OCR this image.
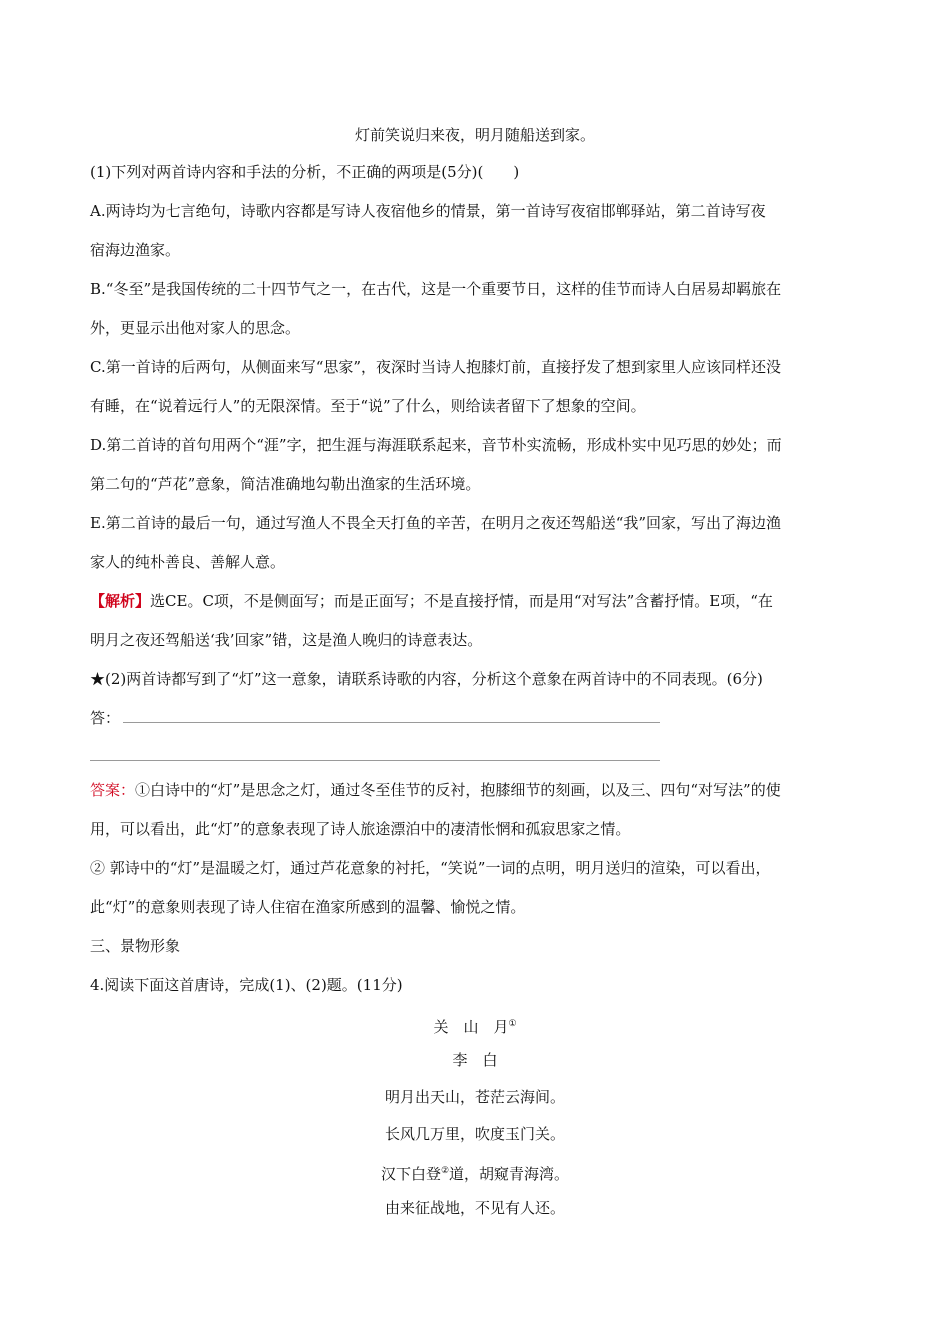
灯前笑说归来夜，明月随船送到家。
(1)下列对两首诗内容和手法的分析，不正确的两项是(5分)(　　)
A.两诗均为七言绝句，诗歌内容都是写诗人夜宿他乡的情景，第一首诗写夜宿邯郸驿站，第二首诗写夜
宿海边渔家。
B.“冬至”是我国传统的二十四节气之一，在古代，这是一个重要节日，这样的佳节而诗人白居易却羁旅在
外，更显示出他对家人的思念。
C.第一首诗的后两句，从侧面来写“思家”，夜深时当诗人抱膝灯前，直接抒发了想到家里人应该同样还没
有睡，在“说着远行人”的无限深情。至于“说”了什么，则给读者留下了想象的空间。
D.第二首诗的首句用两个“涯”字，把生涯与海涯联系起来，音节朴实流畅，形成朴实中见巧思的妙处；而
第二句的“芦花”意象，简洁准确地勾勒出渔家的生活环境。
E.第二首诗的最后一句，通过写渔人不畏全天打鱼的辛苦，在明月之夜还驾船送“我”回家，写出了海边渔
家人的纯朴善良、善解人意。
【解析】选CE。C项，不是侧面写；而是正面写；不是直接抒情，而是用“对写法”含蓄抒情。E项，“在
明月之夜还驾船送‘我’回家”错，这是渔人晚归的诗意表达。
★(2)两首诗都写到了“灯”这一意象，请联系诗歌的内容，分析这个意象在两首诗中的不同表现。(6分)
答：
答案：①白诗中的“灯”是思念之灯，通过冬至佳节的反衬，抱膝细节的刻画，以及三、四句“对写法”的使
用，可以看出，此“灯”的意象表现了诗人旅途漂泊中的凄清怅惘和孤寂思家之情。
② 郭诗中的“灯”是温暖之灯，通过芦花意象的衬托，“笑说”一词的点明，明月送归的渲染，可以看出，
此“灯”的意象则表现了诗人住宿在渔家所感到的温馨、愉悦之情。
三、景物形象
4.阅读下面这首唐诗，完成(1)、(2)题。(11分)
关　山　月①
李　白
明月出天山，苍茫云海间。
长风几万里，吹度玉门关。
汉下白登②道，胡窥青海湾。
由来征战地，不见有人还。
